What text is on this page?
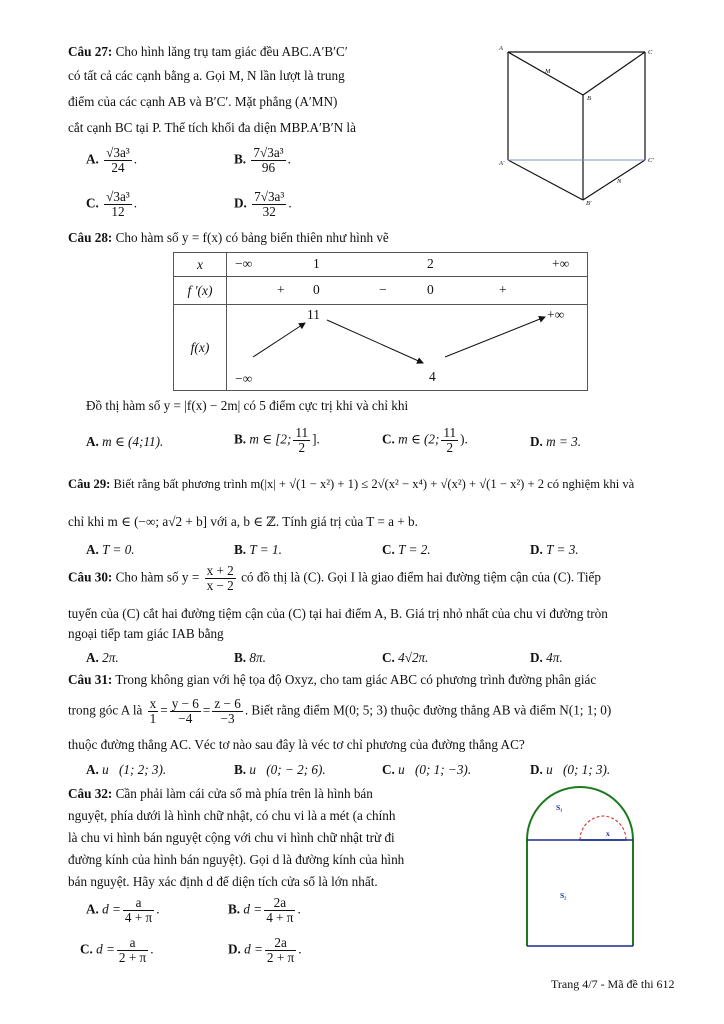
Câu 27: Cho hình lăng trụ tam giác đều ABC.A′B′C′
có tất cả các cạnh bằng a. Gọi M, N lần lượt là trung
điểm của các cạnh AB và B′C′. Mặt phẳng (A′MN)
cắt cạnh BC tại P. Thể tích khối đa diện MBP.A′B′N là
A. $\frac{\text{√3a³}}{24}$ .	B. $\frac{\text{7√3a³}}{96}$ .
C. $\frac{\text{√3a³}}{12}$ .	D. $\frac{\text{7√3a³}}{32}$ .
A
C
B
M
A′	C′
B′
N
Câu 28: Cho hàm số y = f(x) có bảng biến thiên như hình vẽ
x	−∞ 1 2 +∞

f ′(x)	+ 0 − 0 +

f(x)	11 +∞
−∞ 4
Đồ thị hàm số y = |f(x) − 2m| có 5 điểm cực trị khi và chỉ khi
A. m ∈ (4;11).	B. m ∈ [2; $\frac{11}{2}$ ].	C. m ∈ (2; $\frac{11}{2}$ ).	D. m = 3.
Câu 29: Biết rằng bất phương trình m(|x| + √(1 − x²) + 1) ≤ 2√(x² − x⁴) + √(x²) + √(1 − x²) + 2 có nghiệm khi và
chỉ khi m ∈ (−∞; a√2 + b] với a, b ∈ ℤ. Tính giá trị của T = a + b.
A. T = 0.	B. T = 1.	C. T = 2.	D. T = 3.
Câu 30: Cho hàm số $y = \frac{x + 2}{x - 2}$ có đồ thị là (C). Gọi I là giao điểm hai đường tiệm cận của (C). Tiếp
tuyến của (C) cắt hai đường tiệm cận của (C) tại hai điểm A, B. Giá trị nhỏ nhất của chu vi đường tròn
ngoại tiếp tam giác IAB bằng
A. 2π.	B. 8π.	C. 4√2π.	D. 4π.
Câu 31: Trong không gian với hệ tọa độ Oxyz, cho tam giác ABC có phương trình đường phân giác
trong góc A là $\frac{x}{1} = \frac{y - 6}{-4} = \frac{z - 6}{-3}$ . Biết rằng điểm M(0; 5; 3) thuộc đường thẳng AB và điểm N(1; 1; 0)
thuộc đường thẳng AC. Véc tơ nào sau đây là véc tơ chỉ phương của đường thẳng AC?
A. u⃗(1; 2; 3).	B. u⃗(0; − 2; 6).	C. u⃗(0; 1; −3).	D. u⃗(0; 1; 3).
Câu 32: Cần phải làm cái cửa sổ mà phía trên là hình bán
nguyệt, phía dưới là hình chữ nhật, có chu vi là a mét (a chính
là chu vi hình bán nguyệt cộng với chu vi hình chữ nhật trừ đi
đường kính của hình bán nguyệt). Gọi d là đường kính của hình
bán nguyệt. Hãy xác định d để diện tích cửa sổ là lớn nhất.
A. $d = \frac{a}{4 + \pi}$ .	B. $d = \frac{2a}{4 + \pi}$ .
C. $d = \frac{a}{2 + \pi}$ .	D. $d = \frac{2a}{2 + \pi}$ .
S₁
x
S₂
Trang 4/7 - Mã đề thi 612
